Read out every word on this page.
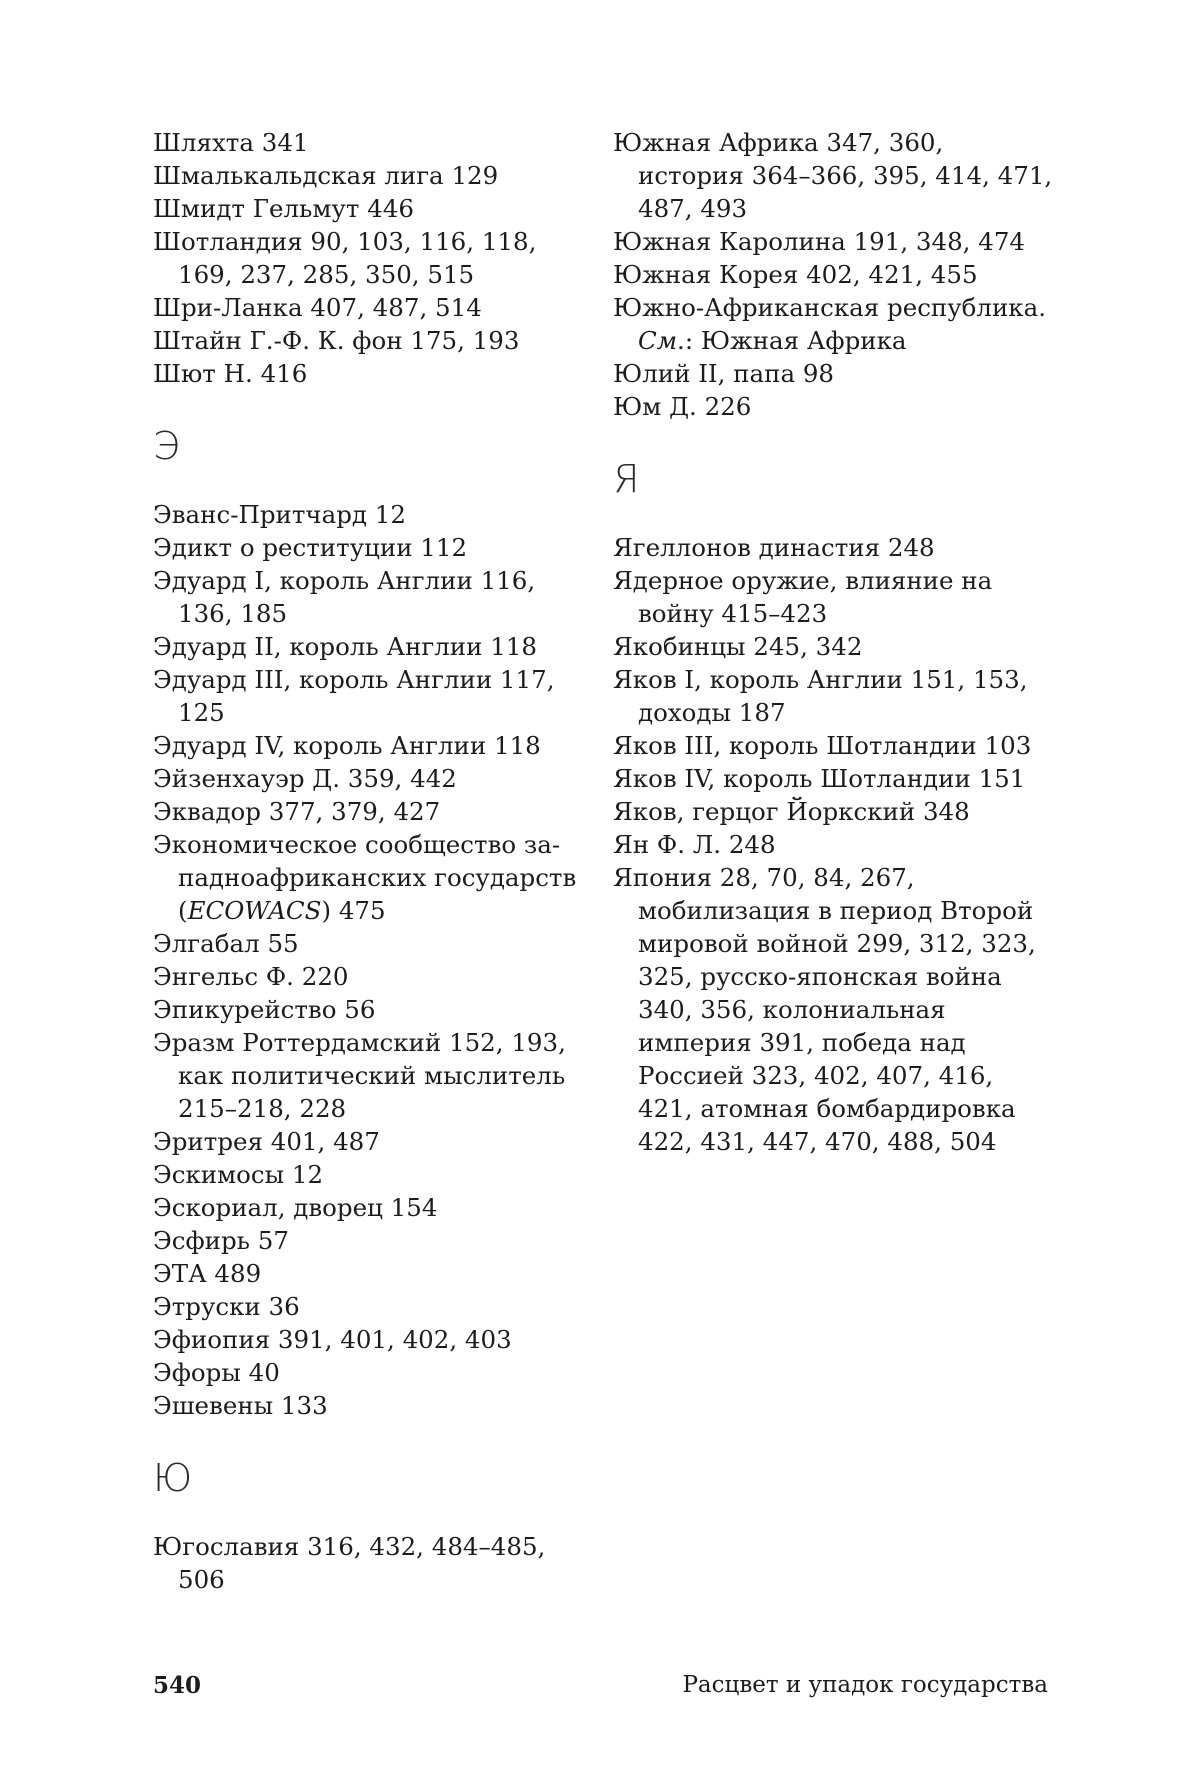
Шляхта 341

Шмалькальдская лига 129

Шмидт Гельмут 446

Шотландия 90, 103, 116, 118, 169, 237, 285, 350, 515

Шри-Ланка 407, 487, 514

Штайн Г.-Ф. К. фон 175, 193

Шют Н. 416

Э

Эванс-Притчард 12

Эдикт о реституции 112

Эдуард I, король Англии 116, 136, 185

Эдуард II, король Англии 118

Эдуард III, король Англии 117, 125

Эдуард IV, король Англии 118

Эйзенхауэр Д. 359, 442

Эквадор 377, 379, 427

Экономическое сообщество за-падноафриканских государств (ECOWACS) 475

Элгабал 55

Энгельс Ф. 220

Эпикурейство 56

Эразм Роттердамский 152, 193, как политический мыслитель 215–218, 228

Эритрея 401, 487

Эскимосы 12

Эскориал, дворец 154

Эсфирь 57

ЭТА 489

Этруски 36

Эфиопия 391, 401, 402, 403

Эфоры 40

Эшевены 133

Ю

Югославия 316, 432, 484–485, 506

Южная Африка 347, 360, история 364–366, 395, 414, 471, 487, 493

Южная Каролина 191, 348, 474

Южная Корея 402, 421, 455

Южно-Африканская республика. См.: Южная Африка

Юлий II, папа 98

Юм Д. 226

Я

Ягеллонов династия 248

Ядерное оружие, влияние на войну 415–423

Якобинцы 245, 342

Яков I, король Англии 151, 153, доходы 187

Яков III, король Шотландии 103

Яков IV, король Шотландии 151

Яков, герцог Йоркский 348

Ян Ф. Л. 248

Япония 28, 70, 84, 267, мобилизация в период Второй мировой войной 299, 312, 323, 325, русско-японская война 340, 356, колониальная империя 391, победа над Россией 323, 402, 407, 416, 421, атомная бомбардировка 422, 431, 447, 470, 488, 504

540	Расцвет и упадок государства
